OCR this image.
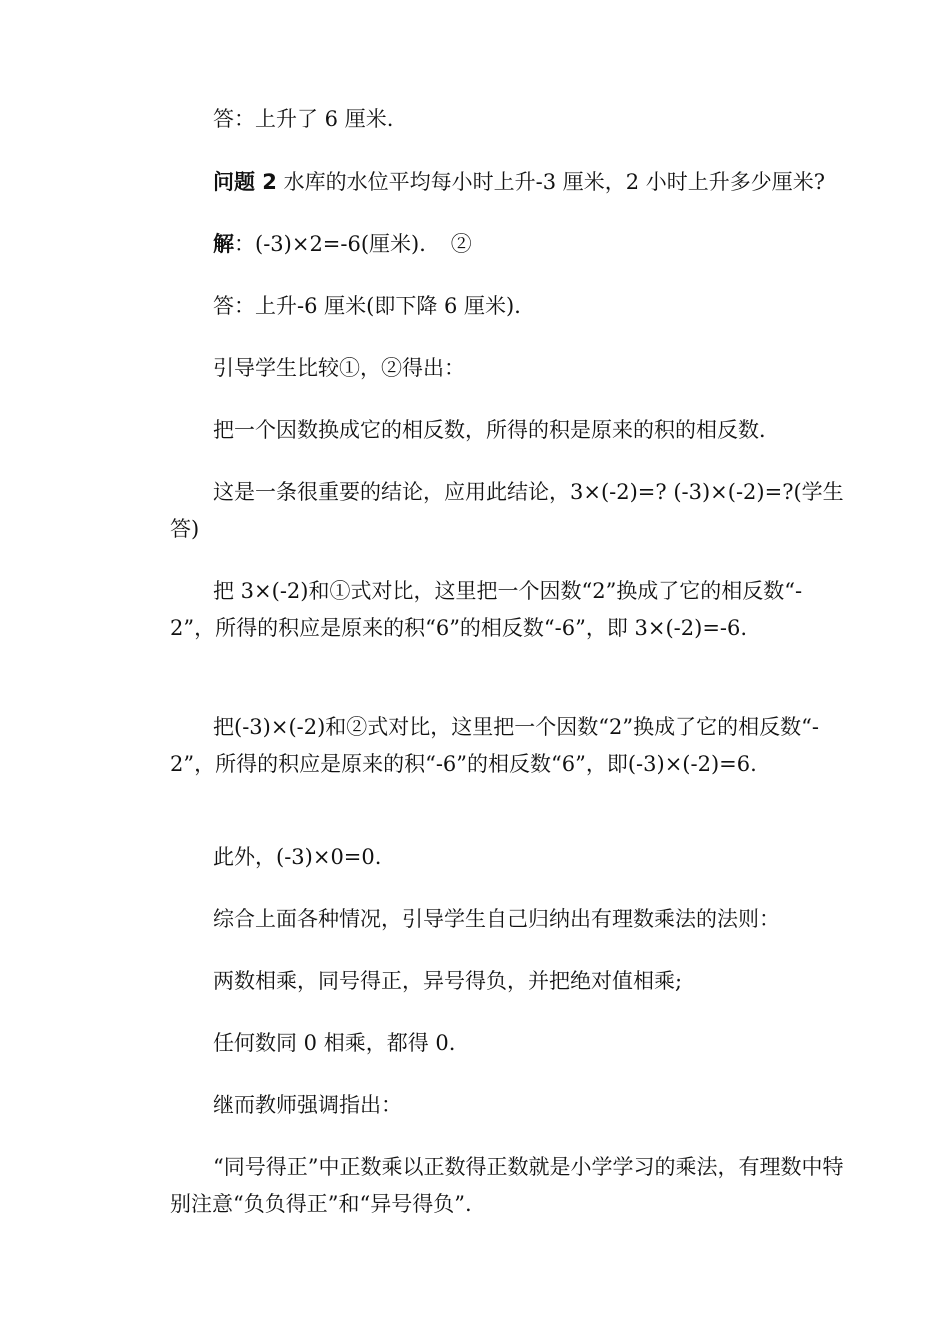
答：上升了 6 厘米.

问题 2 水库的水位平均每小时上升-3 厘米，2 小时上升多少厘米?

解：(-3)×2=-6(厘米)．　②

答：上升-6 厘米(即下降 6 厘米)．

引导学生比较①，②得出：

把一个因数换成它的相反数，所得的积是原来的积的相反数．

这是一条很重要的结论，应用此结论，3×(-2)=? (-3)×(-2)=?(学生答)

把 3×(-2)和①式对比，这里把一个因数“2”换成了它的相反数“-2”，所得的积应是原来的积“6”的相反数“-6”，即 3×(-2)=-6.

把(-3)×(-2)和②式对比，这里把一个因数“2”换成了它的相反数“-2”，所得的积应是原来的积“-6”的相反数“6”，即(-3)×(-2)=6.

此外，(-3)×0=0.

综合上面各种情况，引导学生自己归纳出有理数乘法的法则：

两数相乘，同号得正，异号得负，并把绝对值相乘;

任何数同 0 相乘，都得 0.

继而教师强调指出：

“同号得正”中正数乘以正数得正数就是小学学习的乘法，有理数中特别注意“负负得正”和“异号得负”.
